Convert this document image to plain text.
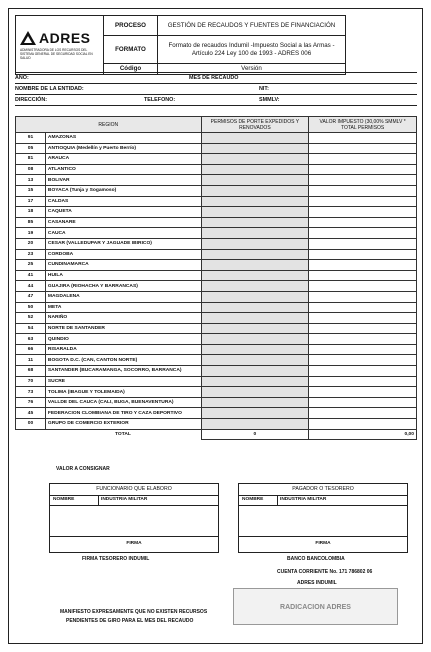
ADRES
ADMINISTRADORA DE LOS RECURSOS DEL SISTEMA GENERAL DE SEGURIDAD SOCIAL EN SALUD	PROCESO	GESTIÓN DE RECAUDOS Y FUENTES DE FINANCIACIÓN
	FORMATO	Formato de recaudos Indumil -Impuesto Social a las Armas - Artículo 224 Ley 100 de 1993 - ADRES 006
	Código	Versión
AÑO:	MES DE RECAUDO
NOMBRE DE LA ENTIDAD:	NIT:
DIRECCIÓN:	TELEFONO:	SMMLV:
REGION		PERMISOS DE PORTE EXPEDIDOS Y RENOVADOS	VALOR IMPUESTO (30,00% SMMLV * TOTAL PERMISOS
91	AMAZONAS		
05	ANTIOQUIA (Medellín y Puerto Berrío)		
81	ARAUCA		
08	ATLANTICO		
13	BOLIVAR		
15	BOYACA (Tunja y Sogamoso)		
17	CALDAS		
18	CAQUETA		
85	CASANARE		
19	CAUCA		
20	CESAR (VALLEDUPAR Y JAGUADE IBIRICO)		
23	CORDOBA		
25	CUNDINAMARCA		
41	HUILA		
44	GUAJIRA (RIOHACHA Y BARRANCAS)		
47	MAGDALENA		
50	META		
52	NARIÑO		
54	NORTE DE SANTANDER		
63	QUINDIO		
66	RISARALDA		
11	BOGOTA D.C. (CAN, CANTON NORTE)		
68	SANTANDER (BUCARAMANGA, SOCORRO, BARRANCA)		
70	SUCRE		
73	TOLIMA (IBAGUE Y TOLEMAIDA)		
76	VALLDE DEL CAUCA (CALI, BUGA, BUENAVENTURA)		
45	FEDERACION CLOMBIANA DE TIRO Y CAZA DEPORTIVO		
00	GRUPO DE COMERCIO EXTERIOR		
	TOTAL	0	0,00
VALOR A CONSIGNAR
FUNCIONARIO QUE ELABORO
NOMBRE	INDUSTRIA MILITAR
FIRMA
PAGADOR O TESORERO
NOMBRE	INDUSTRIA MILITAR
FIRMA
FIRMA TESORERO INDUMIL	BANCO BANCOLOMBIA
CUENTA CORRIENTE No. 171 786802 06
ADRES INDUMIL
MANIFIESTO EXPRESAMENTE QUE NO EXISTEN RECURSOS
PENDIENTES DE GIRO PARA EL MES DEL RECAUDO
RADICACION ADRES
